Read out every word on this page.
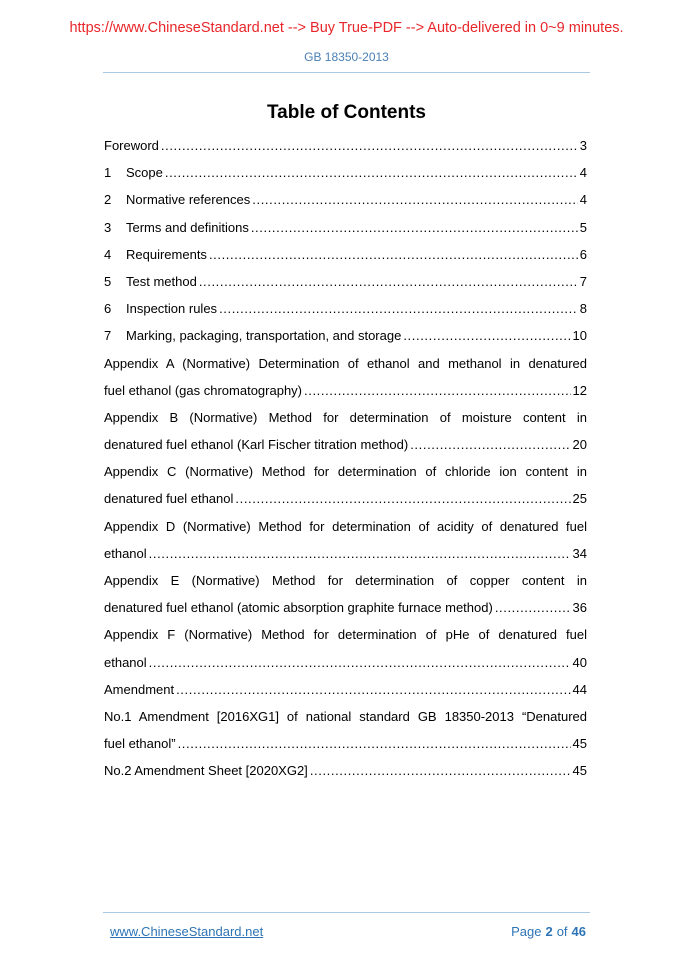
https://www.ChineseStandard.net --> Buy True-PDF --> Auto-delivered in 0~9 minutes.
GB 18350-2013
Table of Contents
Foreword .....	3
1	Scope .....	4
2	Normative references .....	4
3	Terms and definitions .....	5
4	Requirements .....	6
5	Test method .....	7
6	Inspection rules .....	8
7	Marking, packaging, transportation, and storage .....	10
Appendix A (Normative) Determination of ethanol and methanol in denatured
fuel ethanol (gas chromatography) .....	12
Appendix B (Normative) Method for determination of moisture content in
denatured fuel ethanol (Karl Fischer titration method) .....	20
Appendix C (Normative) Method for determination of chloride ion content in
denatured fuel ethanol .....	25
Appendix D (Normative) Method for determination of acidity of denatured fuel
ethanol .....	34
Appendix E (Normative) Method for determination of copper content in
denatured fuel ethanol (atomic absorption graphite furnace method) .....	36
Appendix F (Normative) Method for determination of pHe of denatured fuel
ethanol .....	40
Amendment .....	44
No.1 Amendment [2016XG1] of national standard GB 18350-2013 “Denatured
fuel ethanol” .....	45
No.2 Amendment Sheet [2020XG2] .....	45
www.ChineseStandard.net	Page 2 of 46
